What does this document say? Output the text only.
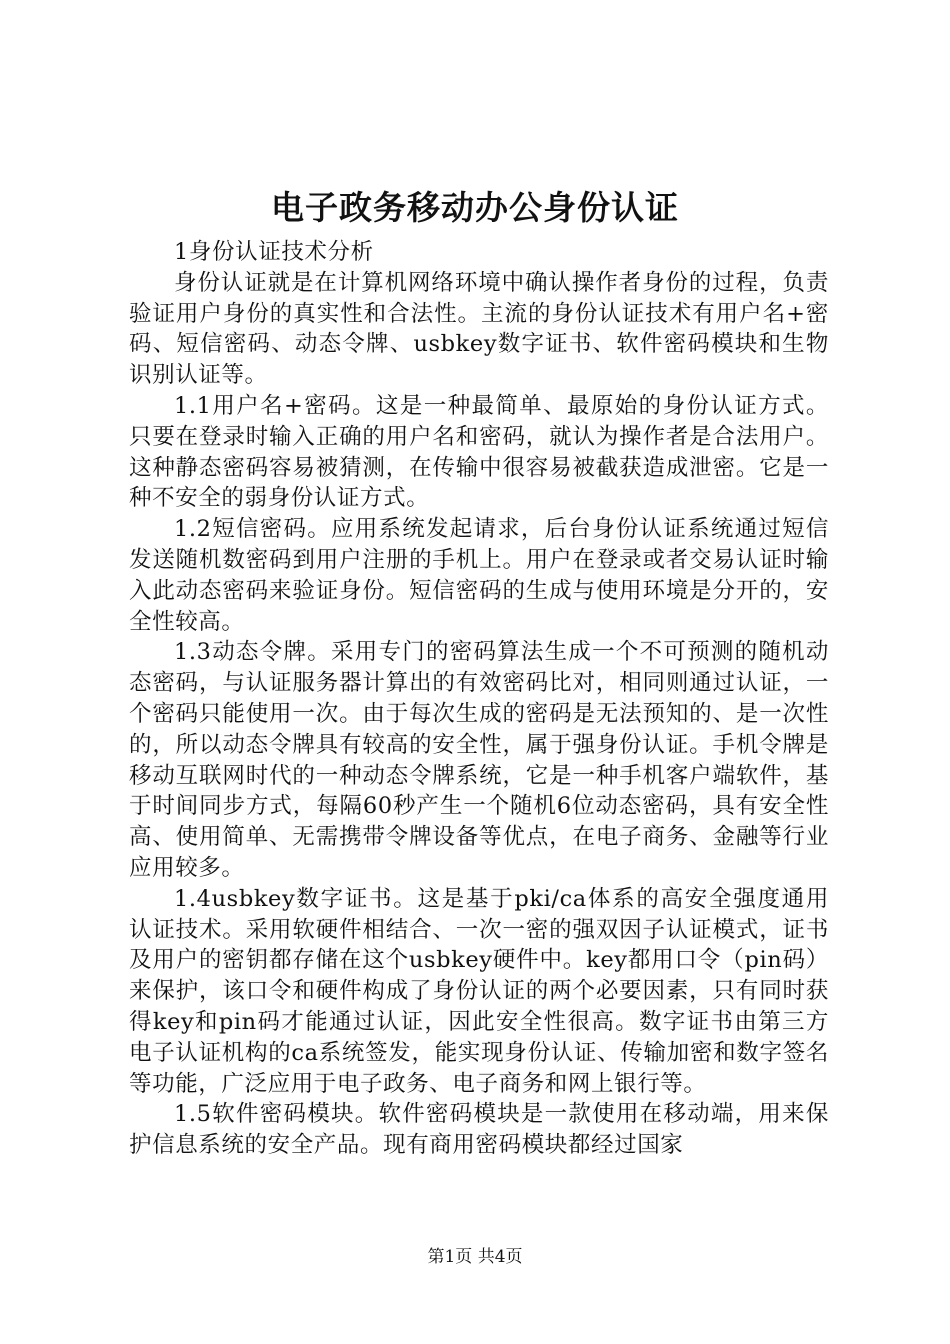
电子政务移动办公身份认证

1身份认证技术分析

身份认证就是在计算机网络环境中确认操作者身份的过程，负责验证用户身份的真实性和合法性。主流的身份认证技术有用户名+密码、短信密码、动态令牌、usbkey数字证书、软件密码模块和生物识别认证等。

1.1用户名+密码。这是一种最简单、最原始的身份认证方式。只要在登录时输入正确的用户名和密码，就认为操作者是合法用户。这种静态密码容易被猜测，在传输中很容易被截获造成泄密。它是一种不安全的弱身份认证方式。

1.2短信密码。应用系统发起请求，后台身份认证系统通过短信发送随机数密码到用户注册的手机上。用户在登录或者交易认证时输入此动态密码来验证身份。短信密码的生成与使用环境是分开的，安全性较高。

1.3动态令牌。采用专门的密码算法生成一个不可预测的随机动态密码，与认证服务器计算出的有效密码比对，相同则通过认证，一个密码只能使用一次。由于每次生成的密码是无法预知的、是一次性的，所以动态令牌具有较高的安全性，属于强身份认证。手机令牌是移动互联网时代的一种动态令牌系统，它是一种手机客户端软件，基于时间同步方式，每隔60秒产生一个随机6位动态密码，具有安全性高、使用简单、无需携带令牌设备等优点，在电子商务、金融等行业应用较多。

1.4usbkey数字证书。这是基于pki/ca体系的高安全强度通用认证技术。采用软硬件相结合、一次一密的强双因子认证模式，证书及用户的密钥都存储在这个usbkey硬件中。key都用口令（pin码）来保护，该口令和硬件构成了身份认证的两个必要因素，只有同时获得key和pin码才能通过认证，因此安全性很高。数字证书由第三方电子认证机构的ca系统签发，能实现身份认证、传输加密和数字签名等功能，广泛应用于电子政务、电子商务和网上银行等。

1.5软件密码模块。软件密码模块是一款使用在移动端，用来保护信息系统的安全产品。现有商用密码模块都经过国家

第1页 共4页
